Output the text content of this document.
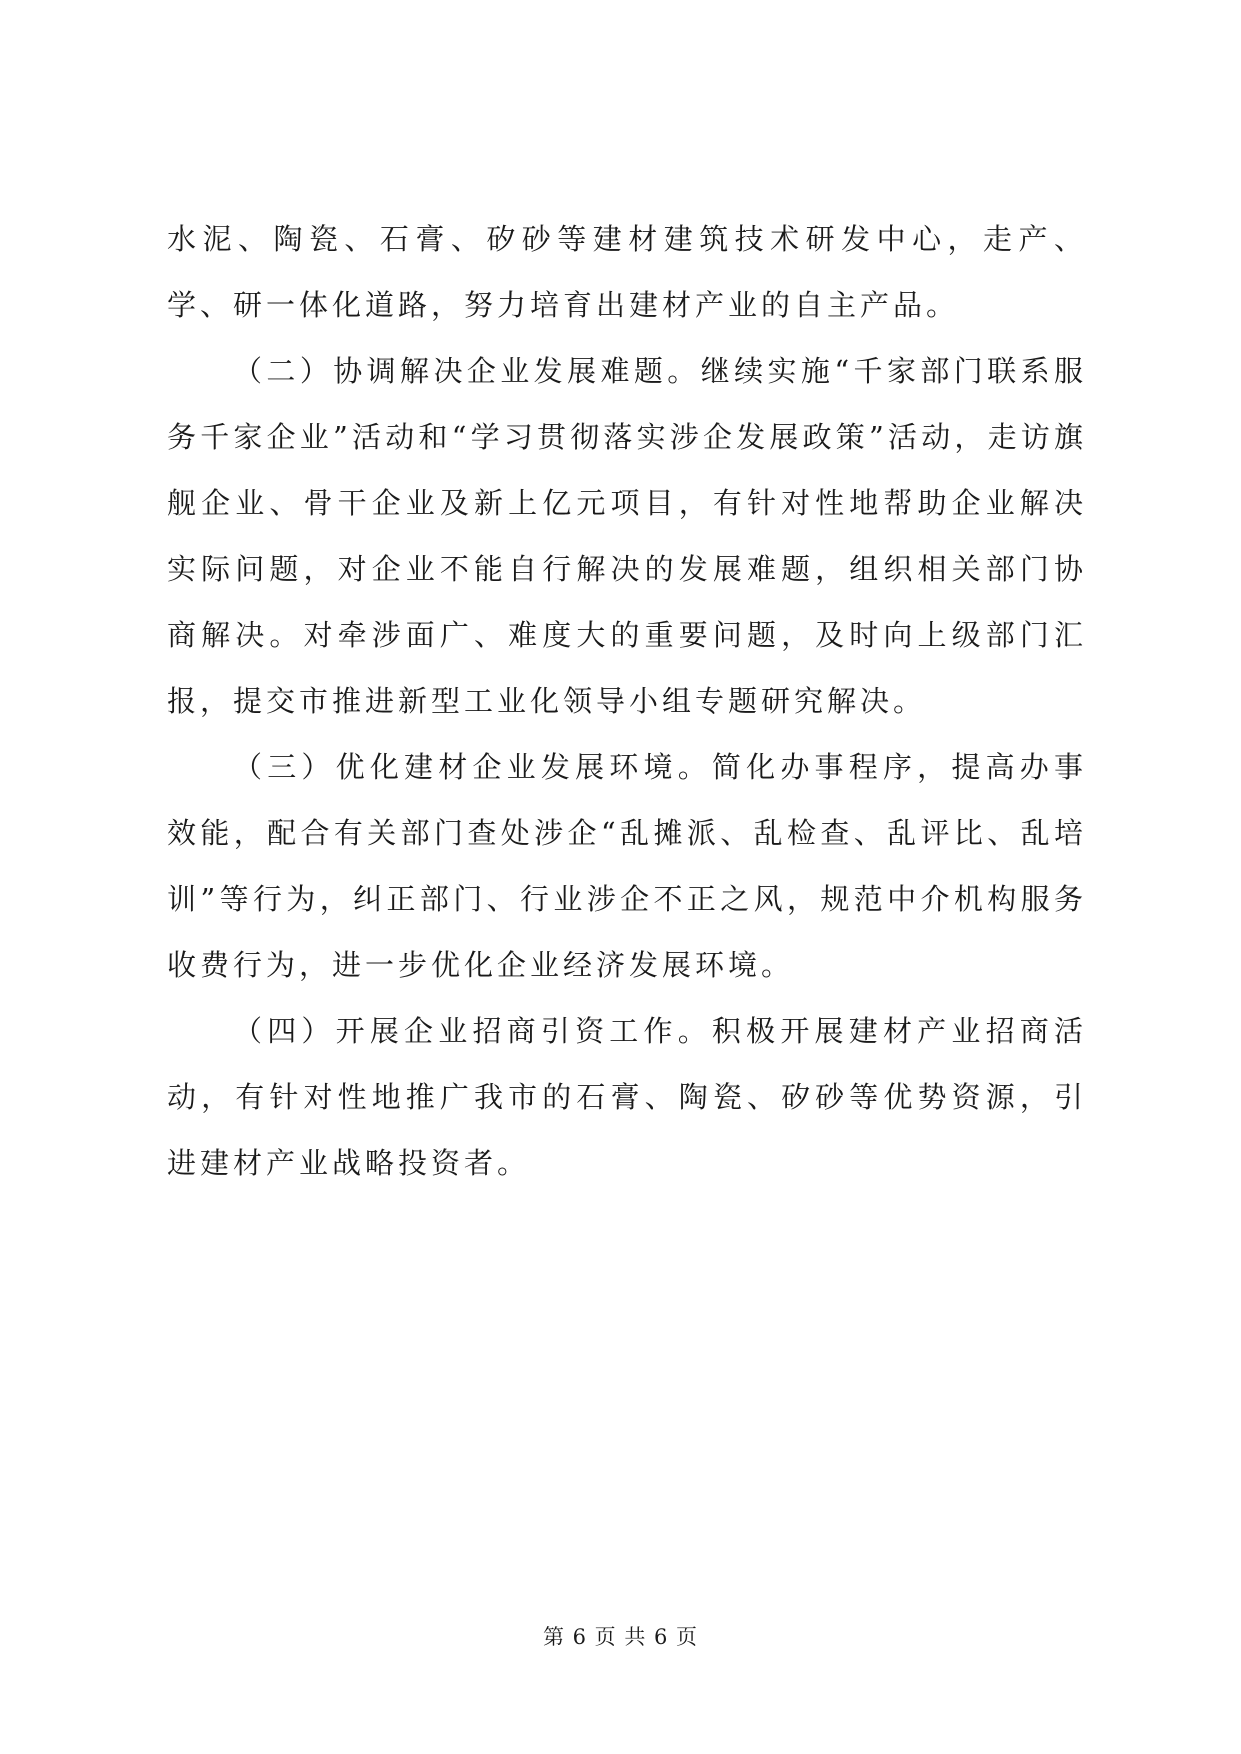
水泥、陶瓷、石膏、矽砂等建材建筑技术研发中心，走产、学、研一体化道路，努力培育出建材产业的自主产品。

（二）协调解决企业发展难题。继续实施“千家部门联系服务千家企业”活动和“学习贯彻落实涉企发展政策”活动，走访旗舰企业、骨干企业及新上亿元项目，有针对性地帮助企业解决实际问题，对企业不能自行解决的发展难题，组织相关部门协商解决。对牵涉面广、难度大的重要问题，及时向上级部门汇报，提交市推进新型工业化领导小组专题研究解决。

（三）优化建材企业发展环境。简化办事程序，提高办事效能，配合有关部门查处涉企“乱摊派、乱检查、乱评比、乱培训”等行为，纠正部门、行业涉企不正之风，规范中介机构服务收费行为，进一步优化企业经济发展环境。

（四）开展企业招商引资工作。积极开展建材产业招商活动，有针对性地推广我市的石膏、陶瓷、矽砂等优势资源，引进建材产业战略投资者。

第 6 页 共 6 页
